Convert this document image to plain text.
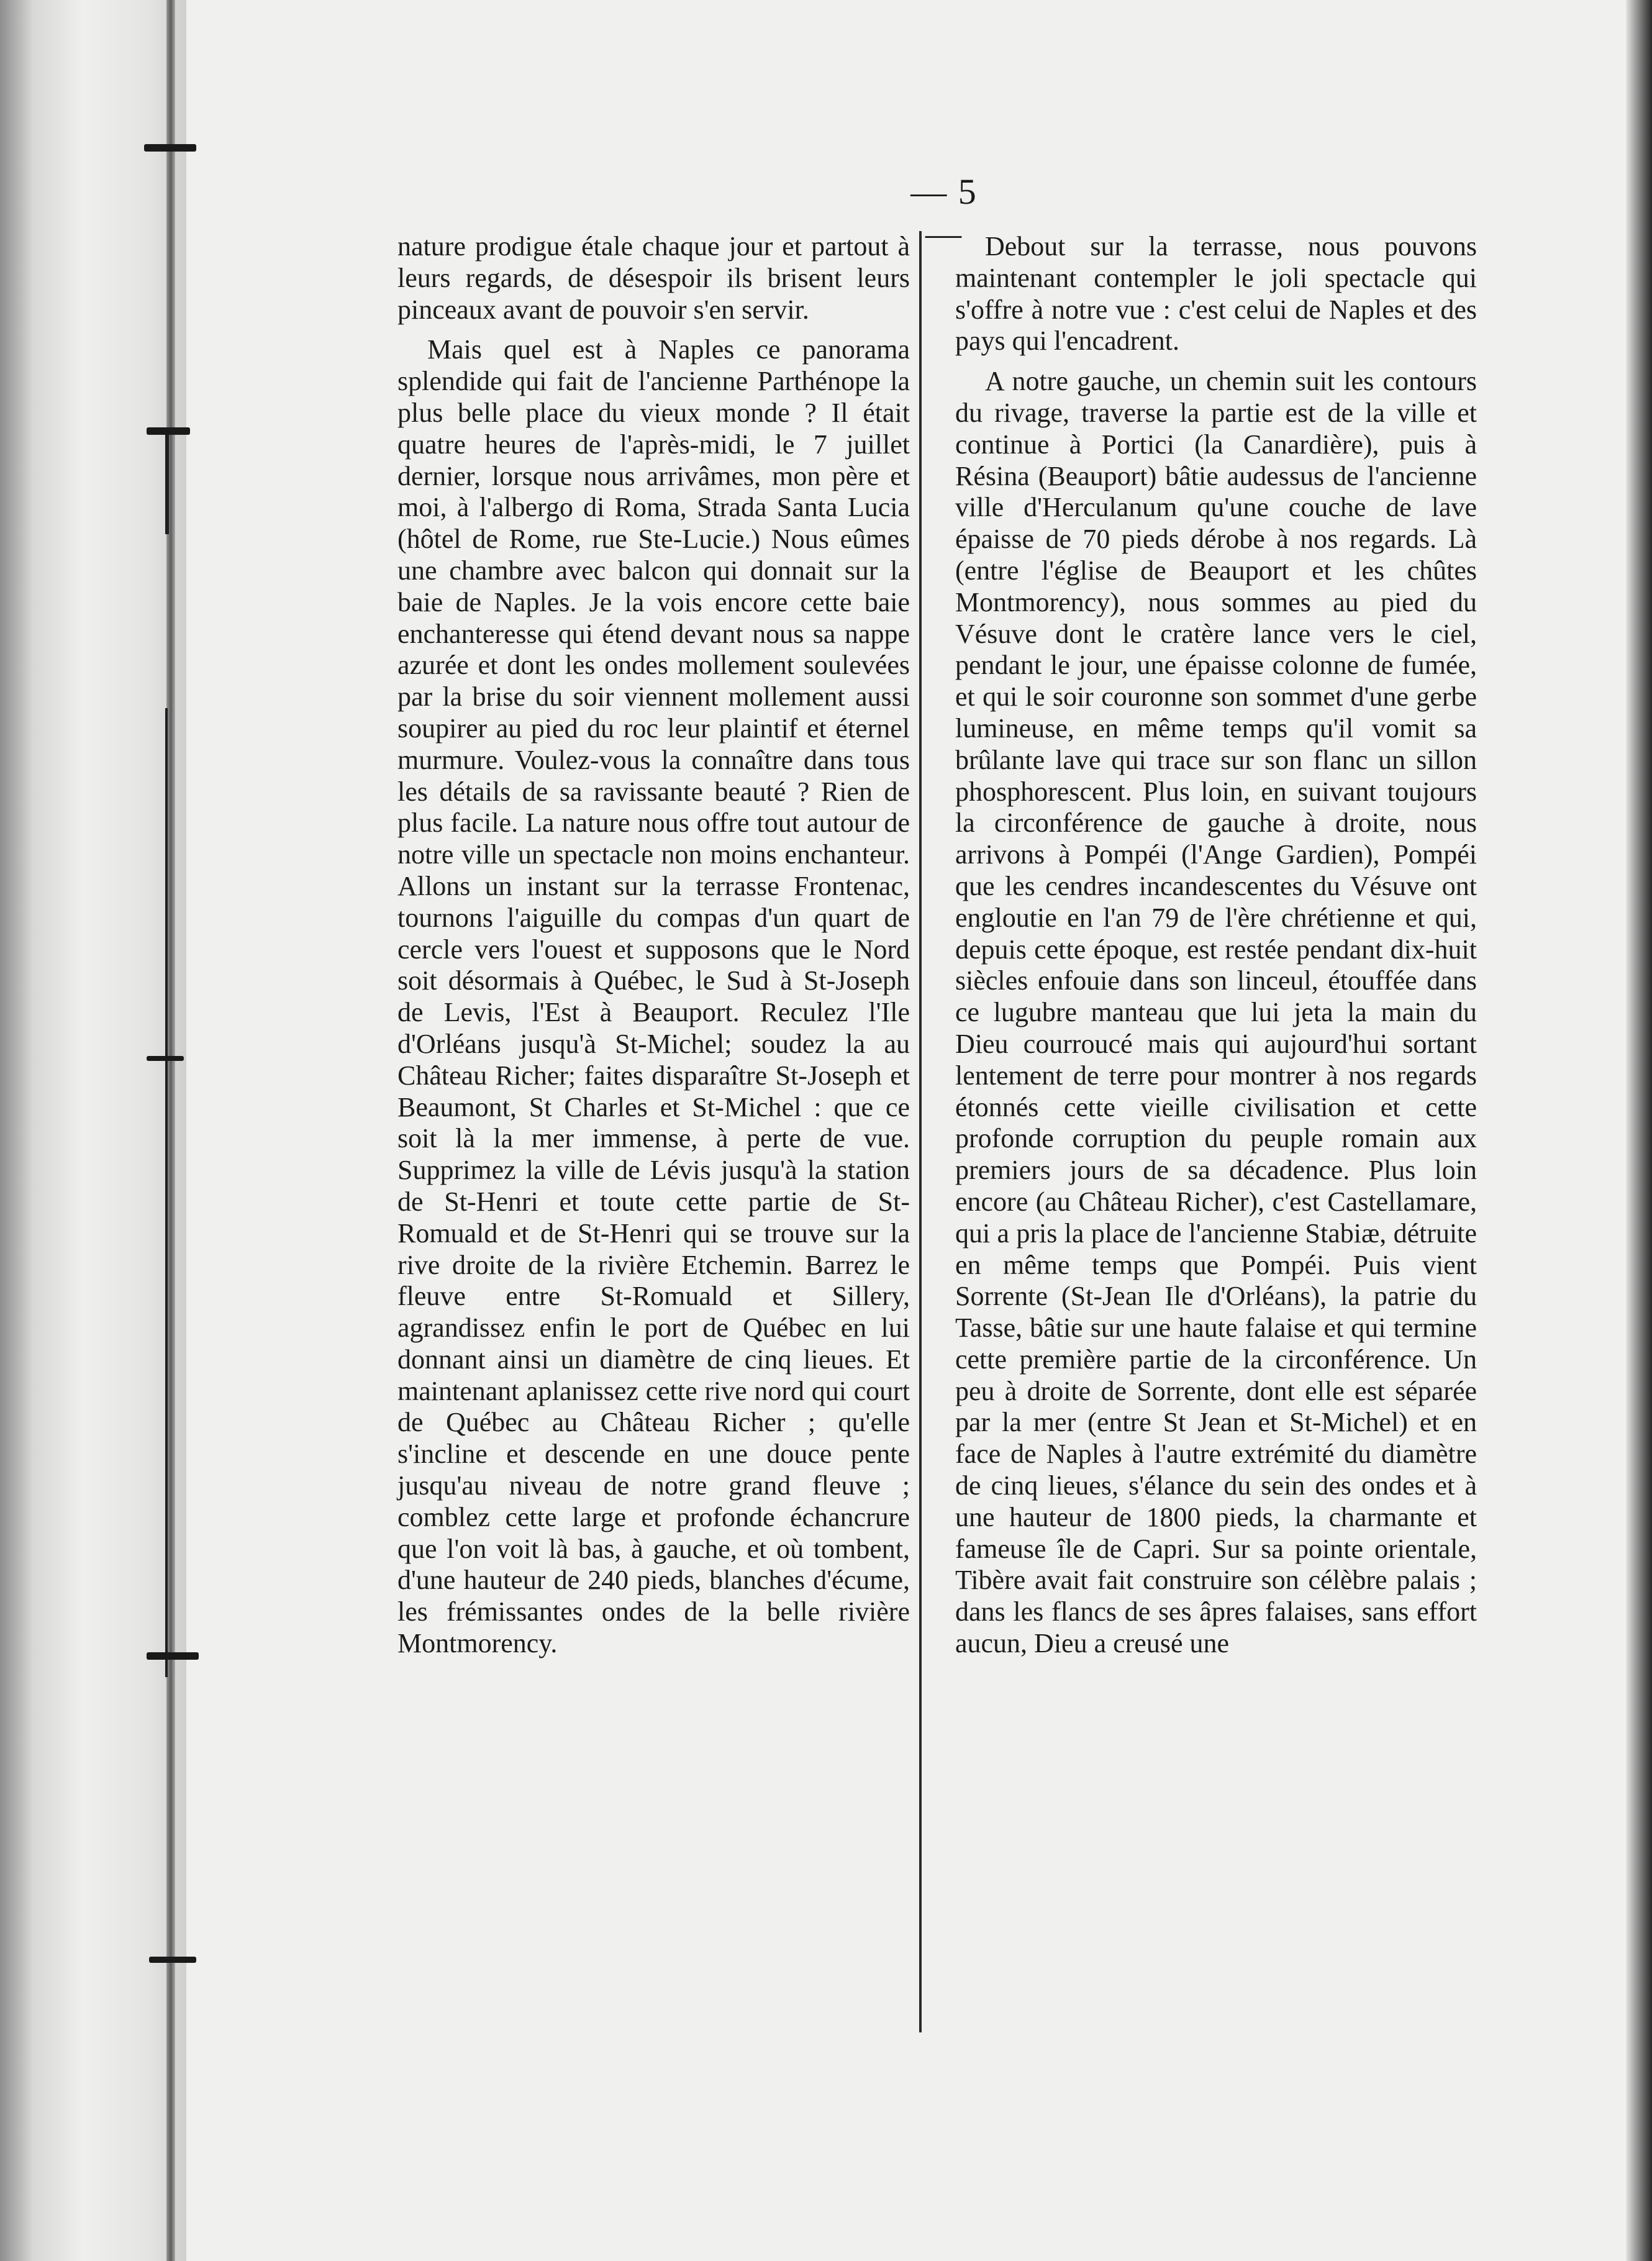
— 5 —

nature prodigue étale chaque jour et partout à leurs regards, de désespoir ils brisent leurs pinceaux avant de pouvoir s'en servir.

Mais quel est à Naples ce panorama splendide qui fait de l'ancienne Parthénope la plus belle place du vieux monde ? Il était quatre heures de l'après-midi, le 7 juillet dernier, lorsque nous arrivâmes, mon père et moi, à l'albergo di Roma, Strada Santa Lucia (hôtel de Rome, rue Ste-Lucie.) Nous eûmes une chambre avec balcon qui donnait sur la baie de Naples. Je la vois encore cette baie enchanteresse qui étend devant nous sa nappe azurée et dont les ondes mollement soulevées par la brise du soir viennent mollement aussi soupirer au pied du roc leur plaintif et éternel murmure. Voulez-vous la connaître dans tous les détails de sa ravissante beauté ? Rien de plus facile. La nature nous offre tout autour de notre ville un spectacle non moins enchanteur. Allons un instant sur la terrasse Frontenac, tournons l'aiguille du compas d'un quart de cercle vers l'ouest et supposons que le Nord soit désormais à Québec, le Sud à St-Joseph de Levis, l'Est à Beauport. Reculez l'Ile d'Orléans jusqu'à St-Michel; soudez la au Château Richer; faites disparaître St-Joseph et Beaumont, St Charles et St-Michel : que ce soit là la mer immense, à perte de vue. Supprimez la ville de Lévis jusqu'à la station de St-Henri et toute cette partie de St-Romuald et de St-Henri qui se trouve sur la rive droite de la rivière Etchemin. Barrez le fleuve entre St-Romuald et Sillery, agrandissez enfin le port de Québec en lui donnant ainsi un diamètre de cinq lieues. Et maintenant aplanissez cette rive nord qui court de Québec au Château Richer ; qu'elle s'incline et descende en une douce pente jusqu'au niveau de notre grand fleuve ; comblez cette large et profonde échancrure que l'on voit là bas, à gauche, et où tombent, d'une hauteur de 240 pieds, blanches d'écume, les frémissantes ondes de la belle rivière Montmorency.

Debout sur la terrasse, nous pouvons maintenant contempler le joli spectacle qui s'offre à notre vue : c'est celui de Naples et des pays qui l'encadrent.

A notre gauche, un chemin suit les contours du rivage, traverse la partie est de la ville et continue à Portici (la Canardière), puis à Résina (Beauport) bâtie audessus de l'ancienne ville d'Herculanum qu'une couche de lave épaisse de 70 pieds dérobe à nos regards. Là (entre l'église de Beauport et les chûtes Montmorency), nous sommes au pied du Vésuve dont le cratère lance vers le ciel, pendant le jour, une épaisse colonne de fumée, et qui le soir couronne son sommet d'une gerbe lumineuse, en même temps qu'il vomit sa brûlante lave qui trace sur son flanc un sillon phosphorescent. Plus loin, en suivant toujours la circonférence de gauche à droite, nous arrivons à Pompéi (l'Ange Gardien), Pompéi que les cendres incandescentes du Vésuve ont engloutie en l'an 79 de l'ère chrétienne et qui, depuis cette époque, est restée pendant dix-huit siècles enfouie dans son linceul, étouffée dans ce lugubre manteau que lui jeta la main du Dieu courroucé mais qui aujourd'hui sortant lentement de terre pour montrer à nos regards étonnés cette vieille civilisation et cette profonde corruption du peuple romain aux premiers jours de sa décadence. Plus loin encore (au Château Richer), c'est Castellamare, qui a pris la place de l'ancienne Stabiæ, détruite en même temps que Pompéi. Puis vient Sorrente (St-Jean Ile d'Orléans), la patrie du Tasse, bâtie sur une haute falaise et qui termine cette première partie de la circonférence. Un peu à droite de Sorrente, dont elle est séparée par la mer (entre St Jean et St-Michel) et en face de Naples à l'autre extrémité du diamètre de cinq lieues, s'élance du sein des ondes et à une hauteur de 1800 pieds, la charmante et fameuse île de Capri. Sur sa pointe orientale, Tibère avait fait construire son célèbre palais ; dans les flancs de ses âpres falaises, sans effort aucun, Dieu a creusé une
